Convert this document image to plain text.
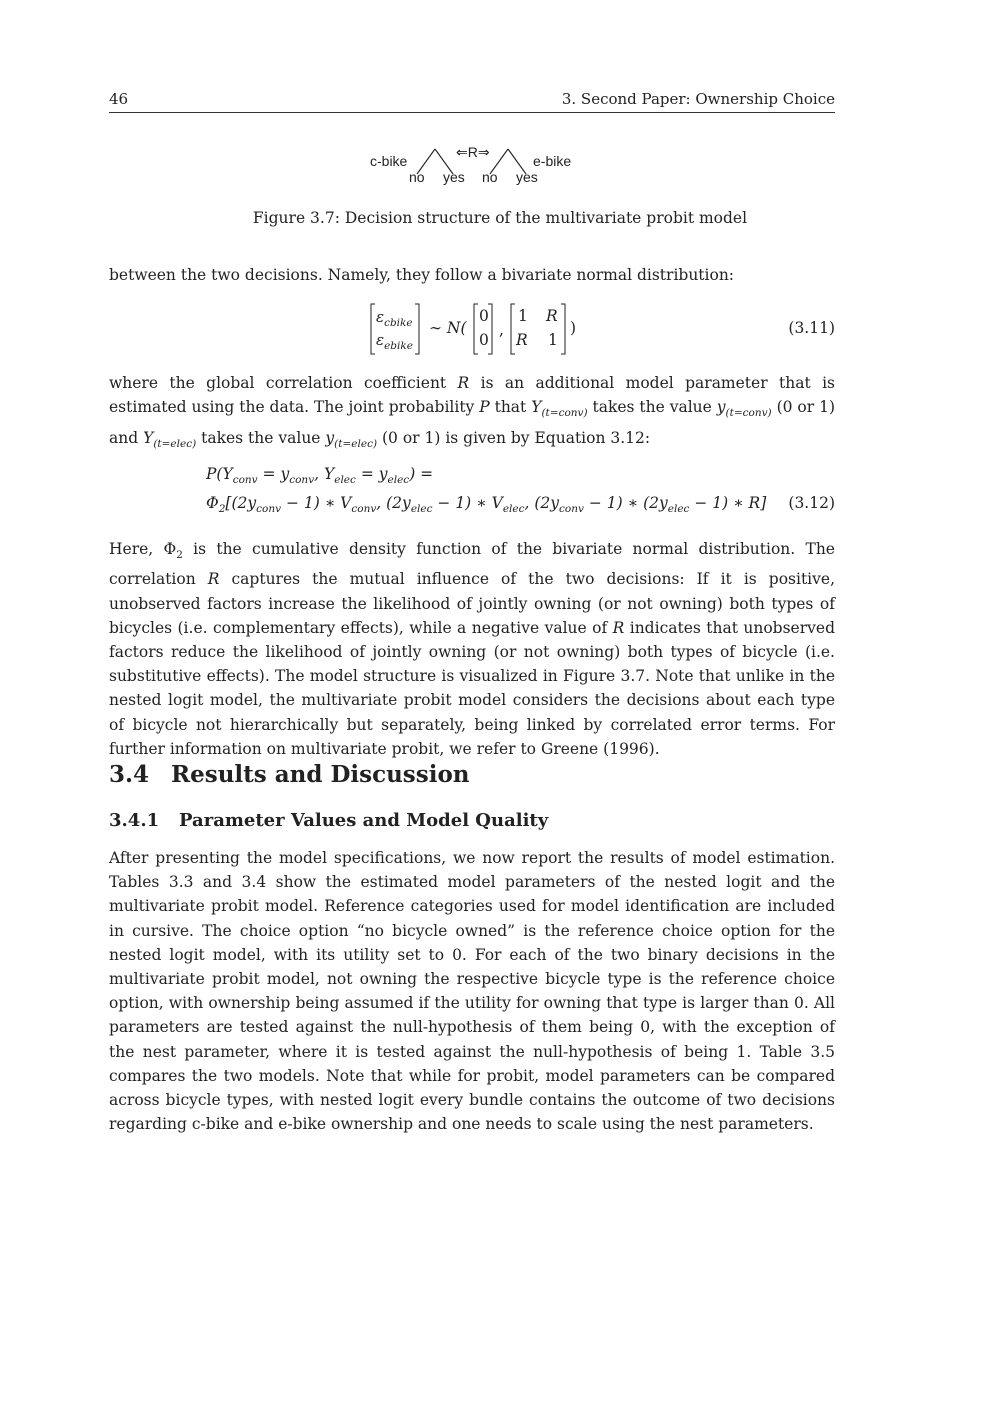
46	3. Second Paper: Ownership Choice
c-bike	e-bike
⇐R⇒
no yes no yes
Figure 3.7: Decision structure of the multivariate probit model

between the two decisions. Namely, they follow a bivariate normal distribution:

$\varepsilon_{cbike}$
$\varepsilon_{ebike}$
∼ N(
0
0
,
1 R
R 1
)	(3.11)

where the global correlation coefficient R is an additional model parameter that is estimated using the data. The joint probability P that $Y_{(t=conv)}$ takes the value $y_{(t=conv)}$ (0 or 1) and $Y_{(t=elec)}$ takes the value $y_{(t=elec)}$ (0 or 1) is given by Equation 3.12:

$P(Y_{conv} = y_{conv}$, $Y_{elec} = y_{elec}$) =
$\Phi_2[(2y_{conv} - 1)$ ∗ $V_{conv}$, $(2y_{elec} - 1)$ ∗ $V_{elec}$, $(2y_{conv} - 1)$ ∗ $(2y_{elec} - 1)$ ∗ R] (3.12)

Here, $\Phi_2$ is the cumulative density function of the bivariate normal distribution. The correlation R captures the mutual influence of the two decisions: If it is positive, unobserved factors increase the likelihood of jointly owning (or not owning) both types of bicycles (i.e. complementary effects), while a negative value of R indicates that unobserved factors reduce the likelihood of jointly owning (or not owning) both types of bicycle (i.e. substitutive effects). The model structure is visualized in Figure 3.7. Note that unlike in the nested logit model, the multivariate probit model considers the decisions about each type of bicycle not hierarchically but separately, being linked by correlated error terms. For further information on multivariate probit, we refer to Greene (1996).

3.4 Results and Discussion
3.4.1 Parameter Values and Model Quality

After presenting the model specifications, we now report the results of model estimation. Tables 3.3 and 3.4 show the estimated model parameters of the nested logit and the multivariate probit model. Reference categories used for model identification are included in cursive. The choice option “no bicycle owned” is the reference choice option for the nested logit model, with its utility set to 0. For each of the two binary decisions in the multivariate probit model, not owning the respective bicycle type is the reference choice option, with ownership being assumed if the utility for owning that type is larger than 0. All parameters are tested against the null-hypothesis of them being 0, with the exception of the nest parameter, where it is tested against the null-hypothesis of being 1. Table 3.5 compares the two models. Note that while for probit, model parameters can be compared across bicycle types, with nested logit every bundle contains the outcome of two decisions regarding c-bike and e-bike ownership and one needs to scale using the nest parameters.
